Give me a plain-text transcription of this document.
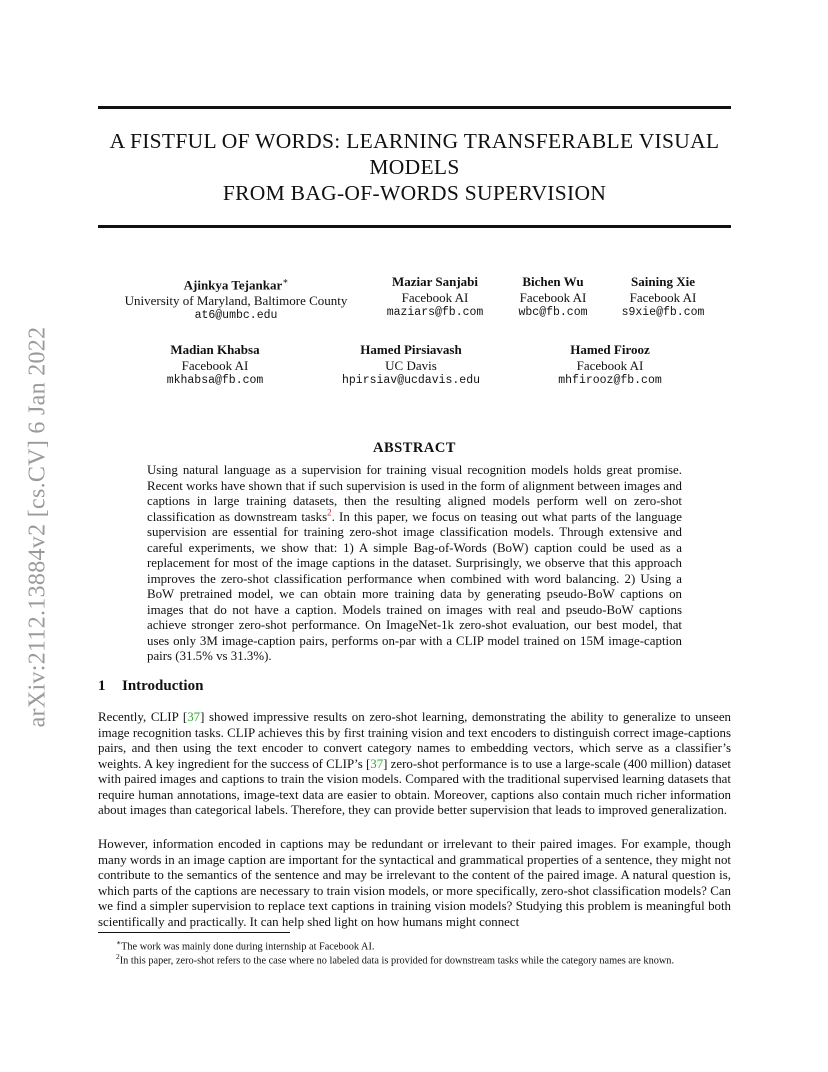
arXiv:2112.13884v2 [cs.CV] 6 Jan 2022
A FISTFUL OF WORDS: LEARNING TRANSFERABLE VISUAL
MODELS
FROM BAG-OF-WORDS SUPERVISION
Ajinkya Tejankar∗
University of Maryland, Baltimore County
at6@umbc.edu
Maziar Sanjabi
Facebook AI
maziars@fb.com
Bichen Wu
Facebook AI
wbc@fb.com
Saining Xie
Facebook AI
s9xie@fb.com
Madian Khabsa
Facebook AI
mkhabsa@fb.com
Hamed Pirsiavash
UC Davis
hpirsiav@ucdavis.edu
Hamed Firooz
Facebook AI
mhfirooz@fb.com
ABSTRACT

Using natural language as a supervision for training visual recognition models holds great promise. Recent works have shown that if such supervision is used in the form of alignment between images and captions in large training datasets, then the resulting aligned models perform well on zero-shot classification as downstream tasks$^2$. In this paper, we focus on teasing out what parts of the language supervision are essential for training zero-shot image classification models. Through extensive and careful experiments, we show that: 1) A simple Bag-of-Words (BoW) caption could be used as a replacement for most of the image captions in the dataset. Surprisingly, we observe that this approach improves the zero-shot classification performance when combined with word balancing. 2) Using a BoW pretrained model, we can obtain more training data by generating pseudo-BoW captions on images that do not have a caption. Models trained on images with real and pseudo-BoW captions achieve stronger zero-shot performance. On ImageNet-1k zero-shot evaluation, our best model, that uses only 3M image-caption pairs, performs on-par with a CLIP model trained on 15M image-caption pairs (31.5% vs 31.3%).

1 Introduction

Recently, CLIP [37] showed impressive results on zero-shot learning, demonstrating the ability to generalize to unseen image recognition tasks. CLIP achieves this by first training vision and text encoders to distinguish correct image-captions pairs, and then using the text encoder to convert category names to embedding vectors, which serve as a classifier’s weights. A key ingredient for the success of CLIP’s [37] zero-shot performance is to use a large-scale (400 million) dataset with paired images and captions to train the vision models. Compared with the traditional supervised learning datasets that require human annotations, image-text data are easier to obtain. Moreover, captions also contain much richer information about images than categorical labels. Therefore, they can provide better supervision that leads to improved generalization.

However, information encoded in captions may be redundant or irrelevant to their paired images. For example, though many words in an image caption are important for the syntactical and grammatical properties of a sentence, they might not contribute to the semantics of the sentence and may be irrelevant to the content of the paired image. A natural question is, which parts of the captions are necessary to train vision models, or more specifically, zero-shot classification models? Can we find a simpler supervision to replace text captions in training vision models? Studying this problem is meaningful both scientifically and practically. It can help shed light on how humans might connect

∗The work was mainly done during internship at Facebook AI.

$^2$In this paper, zero-shot refers to the case where no labeled data is provided for downstream tasks while the category names are known.
